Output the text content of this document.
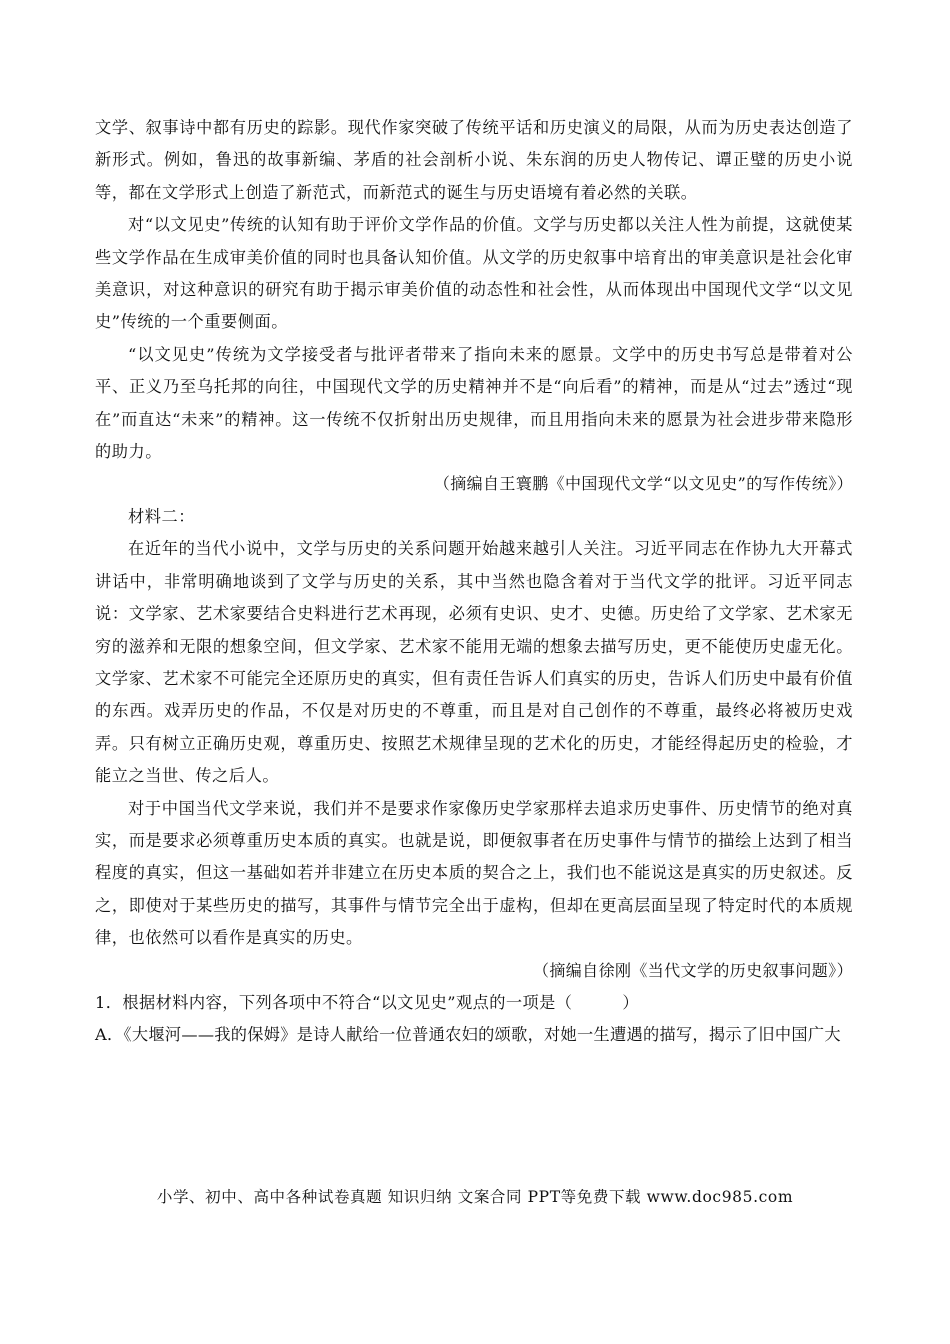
文学、叙事诗中都有历史的踪影。现代作家突破了传统平话和历史演义的局限，从而为历史表达创造了新形式。例如，鲁迅的故事新编、茅盾的社会剖析小说、朱东润的历史人物传记、谭正璧的历史小说等，都在文学形式上创造了新范式，而新范式的诞生与历史语境有着必然的关联。

对“以文见史”传统的认知有助于评价文学作品的价值。文学与历史都以关注人性为前提，这就使某些文学作品在生成审美价值的同时也具备认知价值。从文学的历史叙事中培育出的审美意识是社会化审美意识，对这种意识的研究有助于揭示审美价值的动态性和社会性，从而体现出中国现代文学“以文见史”传统的一个重要侧面。

“以文见史”传统为文学接受者与批评者带来了指向未来的愿景。文学中的历史书写总是带着对公平、正义乃至乌托邦的向往，中国现代文学的历史精神并不是“向后看”的精神，而是从“过去”透过“现在”而直达“未来”的精神。这一传统不仅折射出历史规律，而且用指向未来的愿景为社会进步带来隐形的助力。

（摘编自王寰鹏《中国现代文学“以文见史”的写作传统》）

材料二：

在近年的当代小说中，文学与历史的关系问题开始越来越引人关注。习近平同志在作协九大开幕式讲话中，非常明确地谈到了文学与历史的关系，其中当然也隐含着对于当代文学的批评。习近平同志说：文学家、艺术家要结合史料进行艺术再现，必须有史识、史才、史德。历史给了文学家、艺术家无穷的滋养和无限的想象空间，但文学家、艺术家不能用无端的想象去描写历史，更不能使历史虚无化。文学家、艺术家不可能完全还原历史的真实，但有责任告诉人们真实的历史，告诉人们历史中最有价值的东西。戏弄历史的作品，不仅是对历史的不尊重，而且是对自己创作的不尊重，最终必将被历史戏弄。只有树立正确历史观，尊重历史、按照艺术规律呈现的艺术化的历史，才能经得起历史的检验，才能立之当世、传之后人。

对于中国当代文学来说，我们并不是要求作家像历史学家那样去追求历史事件、历史情节的绝对真实，而是要求必须尊重历史本质的真实。也就是说，即便叙事者在历史事件与情节的描绘上达到了相当程度的真实，但这一基础如若并非建立在历史本质的契合之上，我们也不能说这是真实的历史叙述。反之，即使对于某些历史的描写，其事件与情节完全出于虚构，但却在更高层面呈现了特定时代的本质规律，也依然可以看作是真实的历史。

（摘编自徐刚《当代文学的历史叙事问题》）

1．根据材料内容，下列各项中不符合“以文见史”观点的一项是（　　　）

A．《大堰河——我的保姆》是诗人献给一位普通农妇的颂歌，对她一生遭遇的描写，揭示了旧中国广大

小学、初中、高中各种试卷真题 知识归纳 文案合同 PPT等免费下载 www.doc985.com
